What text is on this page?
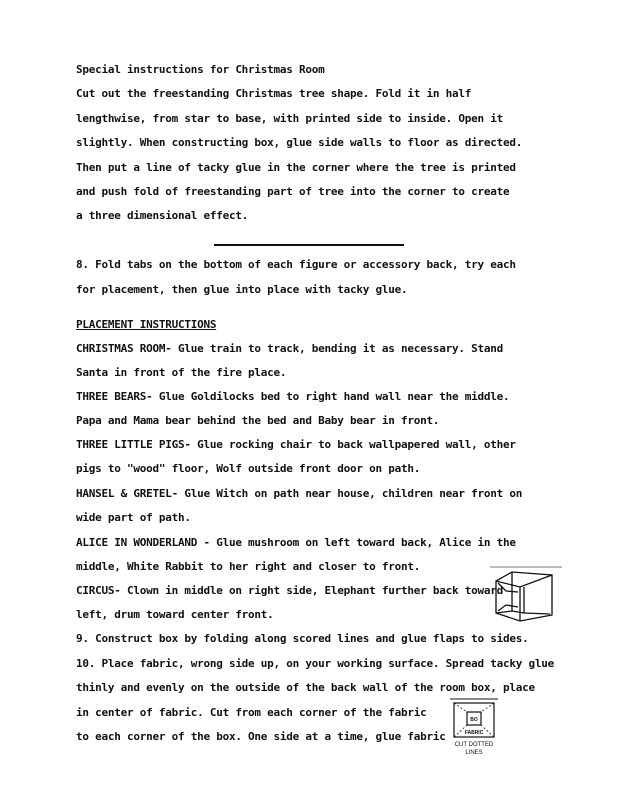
Special instructions for Christmas Room
Cut out the freestanding Christmas tree shape. Fold it in half
lengthwise, from star to base, with printed side to inside. Open it
slightly. When constructing box, glue side walls to floor as directed.
Then put a line of tacky glue in the corner where the tree is printed
and push fold of freestanding part of tree into the corner to create
a three dimensional effect.
8. Fold tabs on the bottom of each figure or accessory back, try each
for placement, then glue into place with tacky glue.
PLACEMENT INSTRUCTIONS
CHRISTMAS ROOM- Glue train to track, bending it as necessary. Stand
Santa in front of the fire place.
THREE BEARS- Glue Goldilocks bed to right hand wall near the middle.
Papa and Mama bear behind the bed and Baby bear in front.
THREE LITTLE PIGS- Glue rocking chair to back wallpapered wall, other
pigs to "wood" floor, Wolf outside front door on path.
HANSEL & GRETEL- Glue Witch on path near house, children near front on
wide part of path.
ALICE IN WONDERLAND - Glue mushroom on left toward back, Alice in the
middle, White Rabbit to her right and closer to front.
CIRCUS- Clown in middle on right side, Elephant further back toward
left, drum toward center front.
9. Construct box by folding along scored lines and glue flaps to sides.
10. Place fabric, wrong side up, on your working surface. Spread tacky glue
thinly and evenly on the outside of the back wall of the room box, place
in center of fabric. Cut from each corner of the fabric
to each corner of the box. One side at a time, glue fabric
BO
FABRIC
CUT DOTTED
LINES
